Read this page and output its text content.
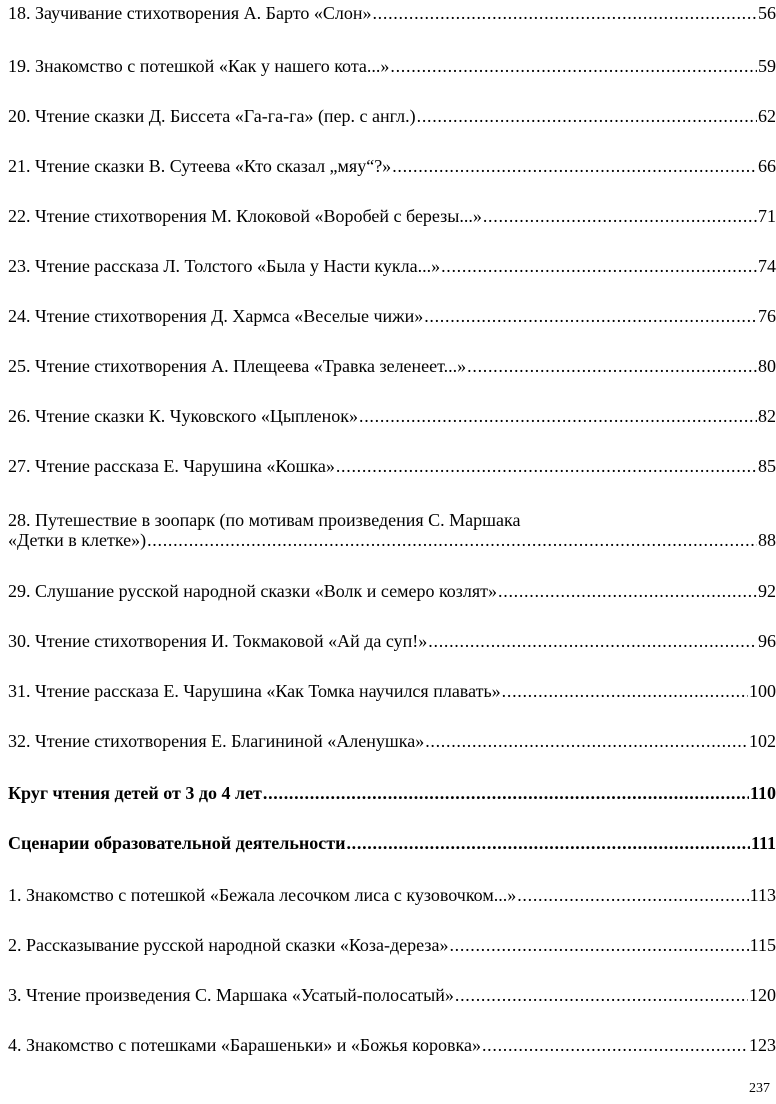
18. Заучивание стихотворения А. Барто «Слон» . . .	56
19. Знакомство с потешкой «Как у нашего кота...» . . .	59
20. Чтение сказки Д. Биссета «Га-га-га» (пер. с англ.) . . .	62
21. Чтение сказки В. Сутеева «Кто сказал „мяу“?» . . .	66
22. Чтение стихотворения М. Клоковой «Воробей с березы...» . . .	71
23. Чтение рассказа Л. Толстого «Была у Насти кукла...» . . .	74
24. Чтение стихотворения Д. Хармса «Веселые чижи» . . .	76
25. Чтение стихотворения А. Плещеева «Травка зеленеет...» . . .	80
26. Чтение сказки К. Чуковского «Цыпленок» . . .	82
27. Чтение рассказа Е. Чарушина «Кошка» . . .	85
28. Путешествие в зоопарк (по мотивам произведения С. Маршака
«Детки в клетке») . . .	88
29. Слушание русской народной сказки «Волк и семеро козлят» . . .	92
30. Чтение стихотворения И. Токмаковой «Ай да суп!» . . .	96
31. Чтение рассказа Е. Чарушина «Как Томка научился плавать» . . .	100
32. Чтение стихотворения Е. Благининой «Аленушка» . . .	102
Круг чтения детей от 3 до 4 лет . . .	110
Сценарии образовательной деятельности . . .	111
1. Знакомство с потешкой «Бежала лесочком лиса с кузовочком...» . . .	113
2. Рассказывание русской народной сказки «Коза-дереза» . . .	115
3. Чтение произведения С. Маршака «Усатый-полосатый» . . .	120
4. Знакомство с потешками «Барашеньки» и «Божья коровка» . . .	123
237
